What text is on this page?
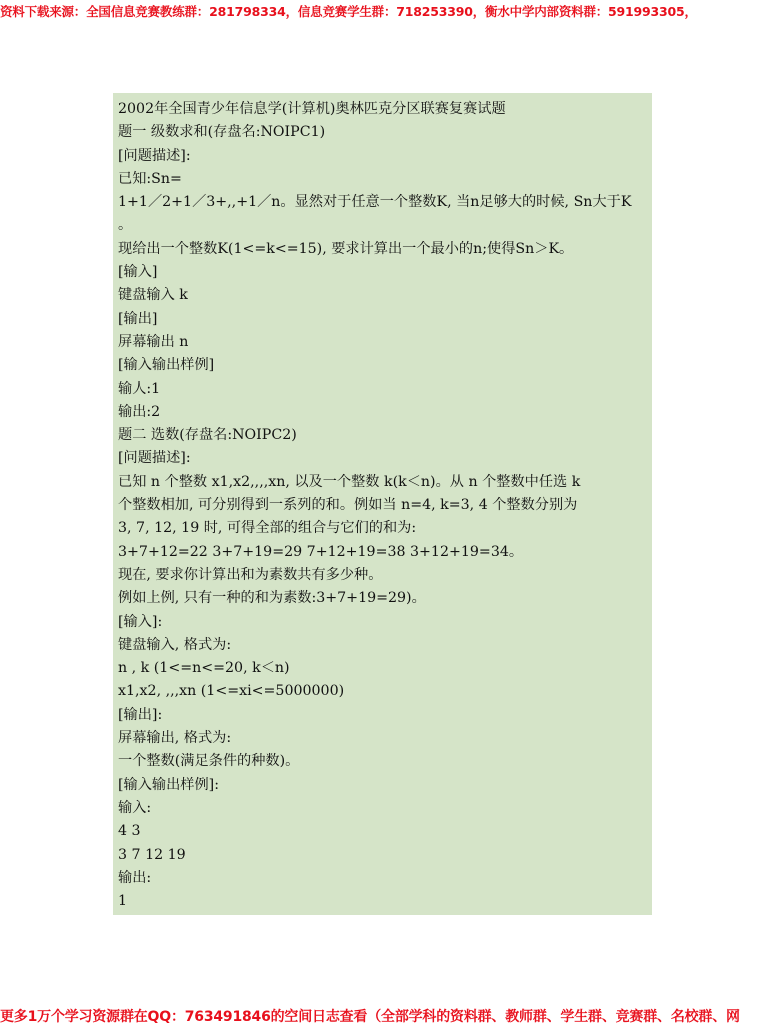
资料下载来源：全国信息竞赛教练群：281798334，信息竞赛学生群：718253390，衡水中学内部资料群：591993305，
2002年全国青少年信息学(计算机)奥林匹克分区联赛复赛试题
题一 级数求和(存盘名:NOIPC1)
[问题描述]:
已知:Sn=
1+1／2+1／3+,,+1／n。显然对于任意一个整数K, 当n足够大的时候, Sn大于K
。
现给出一个整数K(1<=k<=15), 要求计算出一个最小的n;使得Sn＞K。
[输入]
键盘输入 k
[输出]
屏幕输出 n
[输入输出样例]
输人:1
输出:2
题二 选数(存盘名:NOIPC2)
[问题描述]:
已知 n 个整数 x1,x2,,,,xn, 以及一个整数 k(k＜n)。从 n 个整数中任选 k
个整数相加, 可分别得到一系列的和。例如当 n=4, k=3, 4 个整数分别为
3, 7, 12, 19 时, 可得全部的组合与它们的和为:
3+7+12=22 3+7+19=29 7+12+19=38 3+12+19=34。
现在, 要求你计算出和为素数共有多少种。
例如上例, 只有一种的和为素数:3+7+19=29)。
[输入]:
键盘输入, 格式为:
n , k (1<=n<=20, k＜n)
x1,x2, ,,,xn (1<=xi<=5000000)
[输出]:
屏幕输出, 格式为:
一个整数(满足条件的种数)。
[输入输出样例]:
输入:
4 3
3 7 12 19
输出:
1
更多1万个学习资源群在QQ：763491846的空间日志查看（全部学科的资料群、教师群、学生群、竞赛群、名校群、网
